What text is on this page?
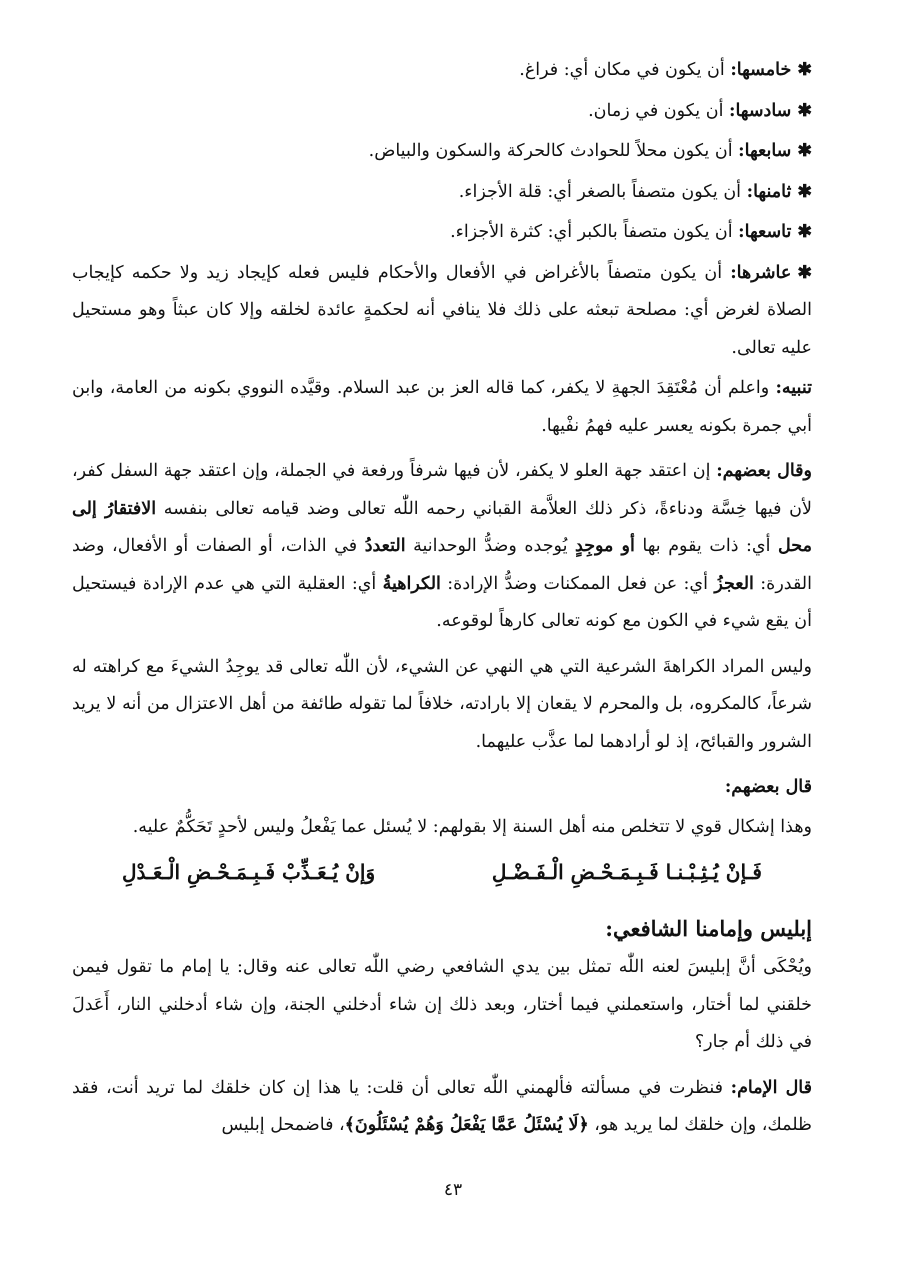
✱خامسها: أن يكون في مكان أي: فراغ.
✱سادسها: أن يكون في زمان.
✱سابعها: أن يكون محلاً للحوادث كالحركة والسكون والبياض.
✱ثامنها: أن يكون متصفاً بالصغر أي: قلة الأجزاء.
✱تاسعها: أن يكون متصفاً بالكبر أي: كثرة الأجزاء.
✱عاشرها: أن يكون متصفاً بالأغراض في الأفعال والأحكام فليس فعله كإيجاد زيد ولا حكمه كإيجاب الصلاة لغرض أي: مصلحة تبعثه على ذلك فلا ينافي أنه لحكمةٍ عائدة لخلقه وإلا كان عبثاً وهو مستحيل عليه تعالى.

تنبيه: واعلم أن مُعْتَقِدَ الجهةِ لا يكفر، كما قاله العز بن عبد السلام. وقيَّده النووي بكونه من العامة، وابن أبي جمرة بكونه يعسر عليه فهمُ نفْيها.

وقال بعضهم: إن اعتقد جهة العلو لا يكفر، لأن فيها شرفاً ورفعة في الجملة، وإن اعتقد جهة السفل كفر، لأن فيها خِسَّة ودناءةً، ذكر ذلك العلاَّمة القباني رحمه اللّٰه تعالى وضد قيامه تعالى بنفسه الافتقارُ إلى محل أي: ذات يقوم بها أو موجِدٍ يُوجده وضدُّ الوحدانية التعددُ في الذات، أو الصفات أو الأفعال، وضد القدرة: العجزُ أي: عن فعل الممكنات وضدُّ الإرادة: الكراهيةُ أي: العقلية التي هي عدم الإرادة فيستحيل أن يقع شيء في الكون مع كونه تعالى كارهاً لوقوعه.

وليس المراد الكراهةَ الشرعية التي هي النهي عن الشيء، لأن اللّٰه تعالى قد يوجِدُ الشيءَ مع كراهته له شرعاً، كالمكروه، بل والمحرم لا يقعان إلا بارادته، خلافاً لما تقوله طائفة من أهل الاعتزال من أنه لا يريد الشرور والقبائح، إذ لو أرادهما لما عذَّب عليهما.

قال بعضهم:

وهذا إشكال قوي لا تتخلص منه أهل السنة إلا بقولهم: لا يُسئل عما يَفْعلُ وليس لأحدٍ تَحَكُّمٌ عليه.

فَـإنْ يُـثِـبْـنـا فَـبِـمَـحْـضِ الْـفَـضْـلِ
وَإنْ يُـعَـذِّبْ فَـبِـمَـحْـضِ الْـعَـدْلِ
إبليس وإمامنا الشافعي:

ويُحْكَى أنَّ إبليسَ لعنه اللّٰه تمثل بين يدي الشافعي رضي اللّٰه تعالى عنه وقال: يا إمام ما تقول فيمن خلقني لما أختار، واستعملني فيما أختار، وبعد ذلك إن شاء أدخلني الجنة، وإن شاء أدخلني النار، أَعَدلَ في ذلك أم جار؟

قال الإمام: فنظرت في مسألته فألهمني اللّٰه تعالى أن قلت: يا هذا إن كان خلقك لما تريد أنت، فقد ظلمك، وإن خلقك لما يريد هو، ﴿لَا يُسْئَلُ عَمَّا يَفْعَلُ وَهُمْ يُسْئَلُونَ﴾، فاضمحل إبليس

٤٣
